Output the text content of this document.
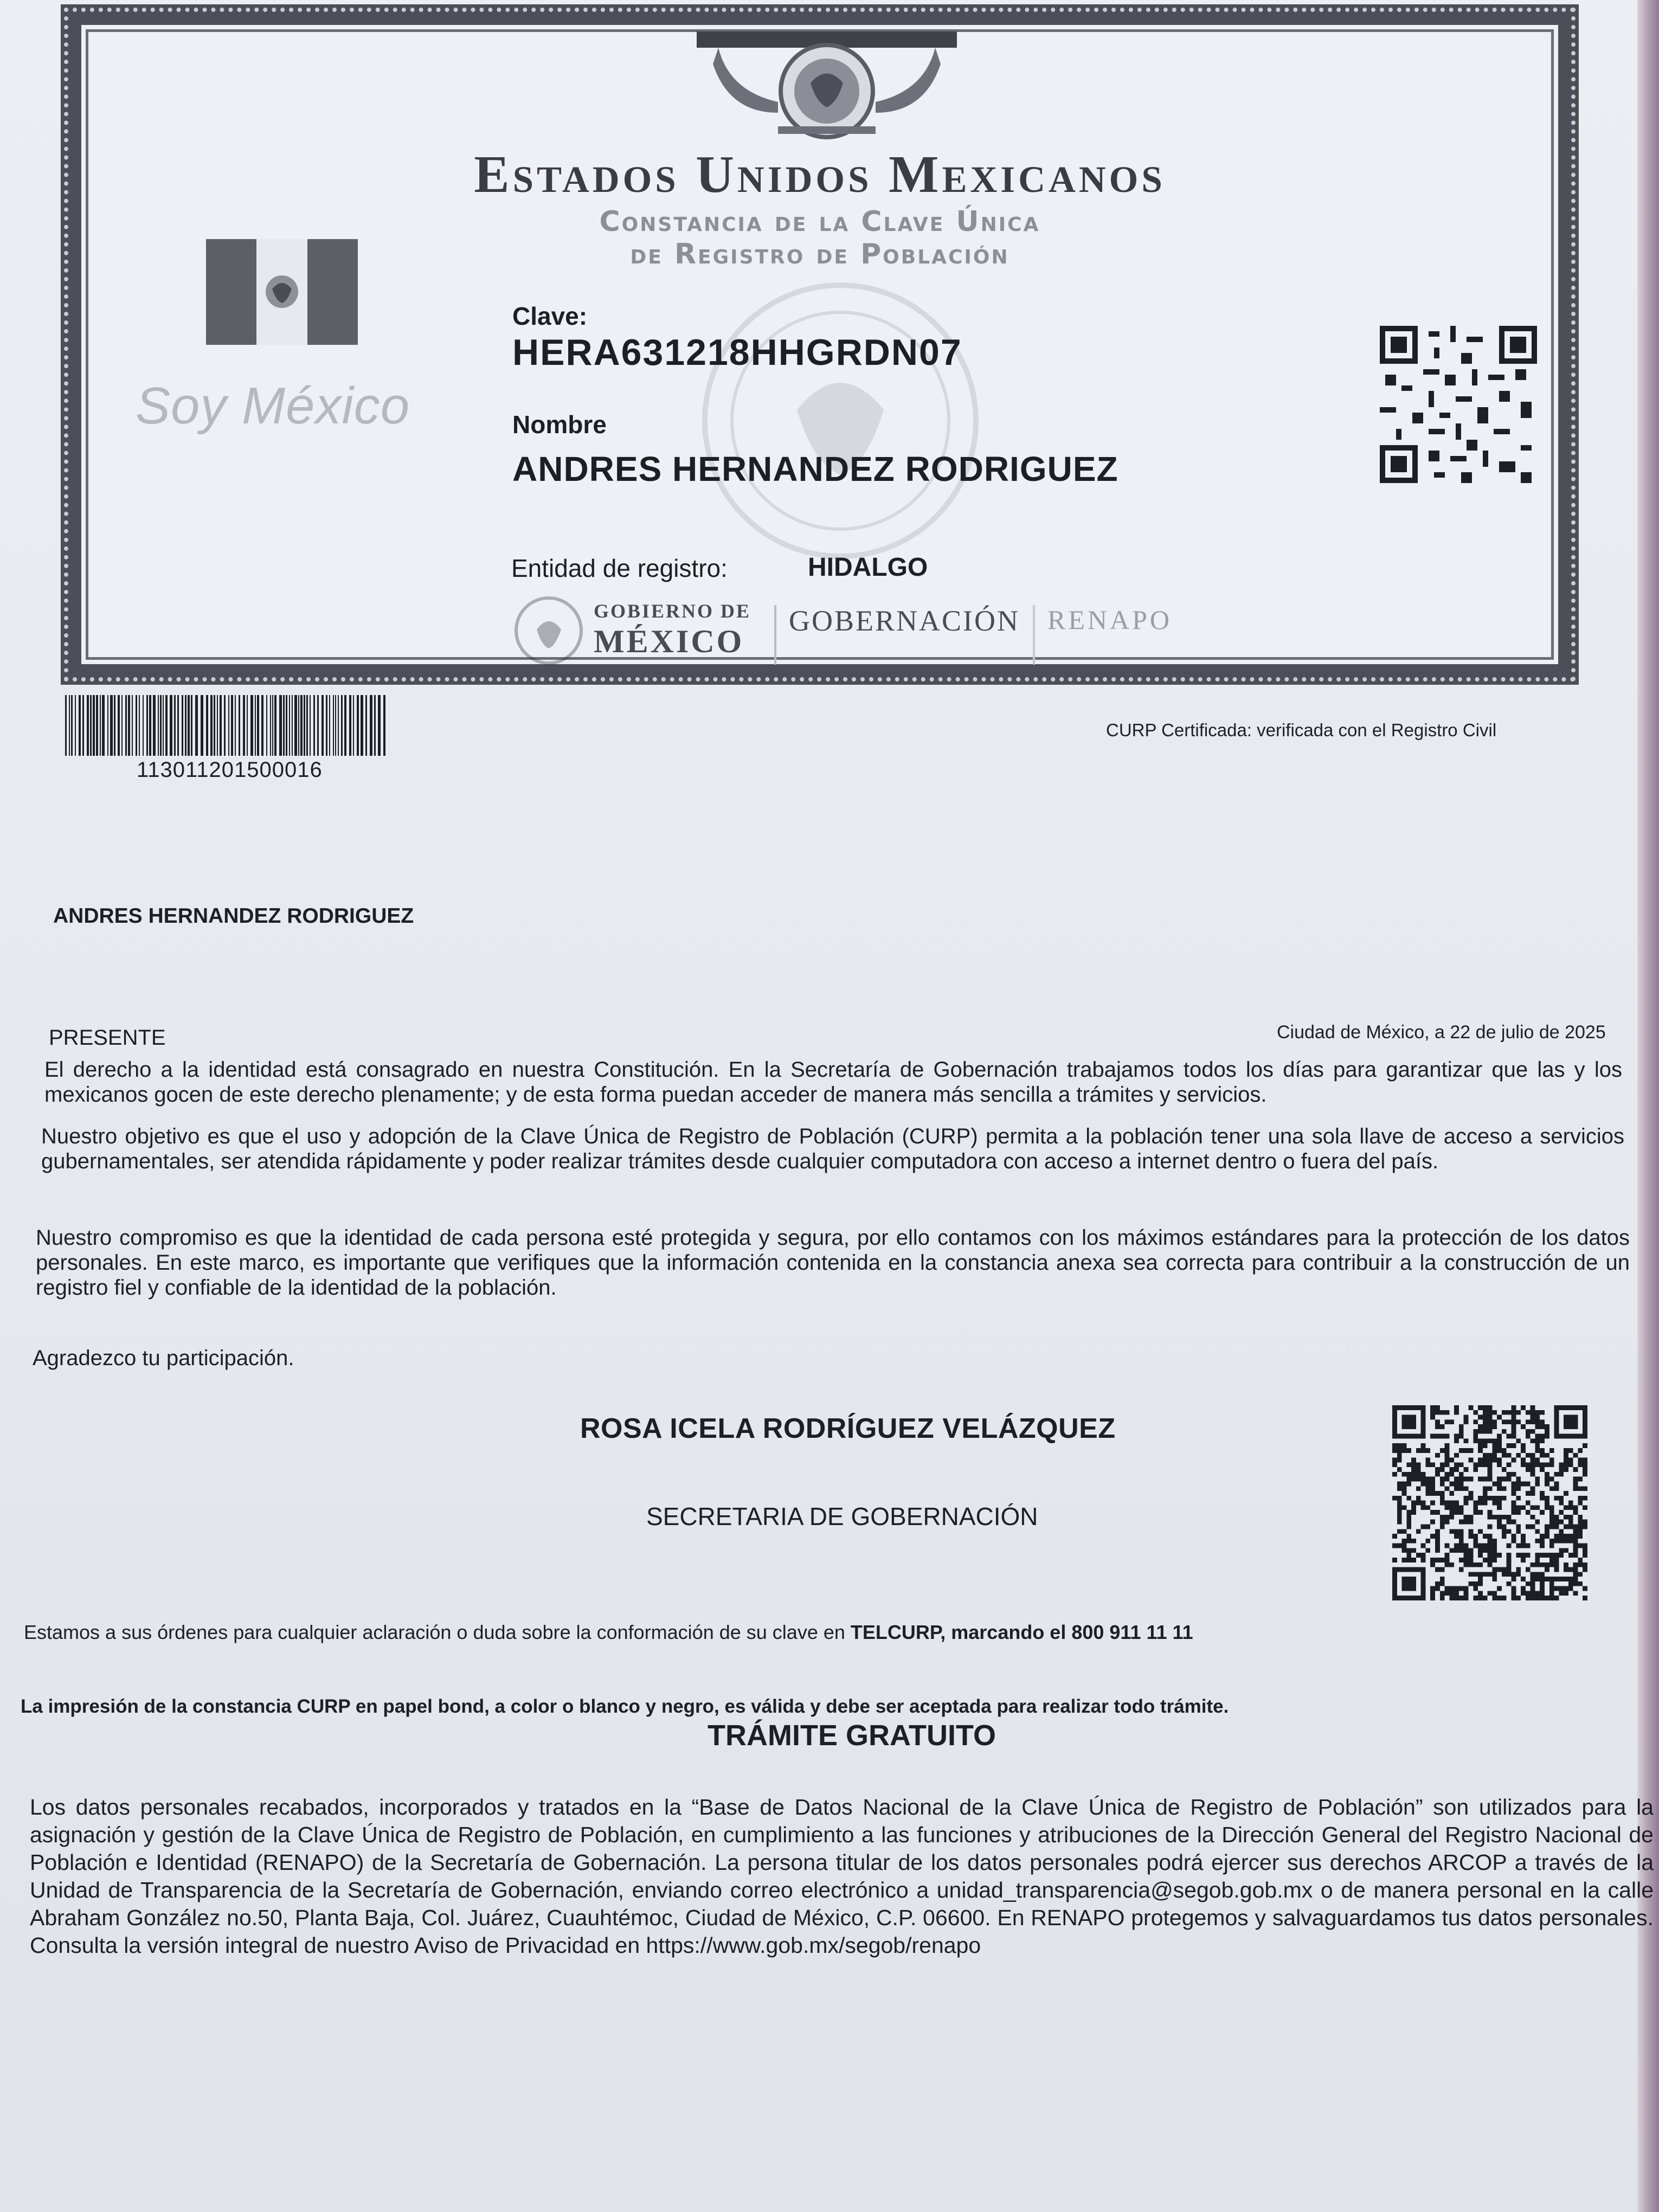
Estados Unidos Mexicanos
Constancia de la Clave Única
de Registro de Población
Soy México
Clave:
HERA631218HHGRDN07
Nombre
ANDRES HERNANDEZ RODRIGUEZ
Entidad de registro:	HIDALGO
GOBIERNO DE
MÉXICO
GOBERNACIÓN RENAPO
113011201500016
CURP Certificada: verificada con el Registro Civil
ANDRES HERNANDEZ RODRIGUEZ
PRESENTE	Ciudad de México, a 22 de julio de 2025
El derecho a la identidad está consagrado en nuestra Constitución. En la Secretaría de Gobernación trabajamos todos los días para garantizar que las y los mexicanos gocen de este derecho plenamente; y de esta forma puedan acceder de manera más sencilla a trámites y servicios.
Nuestro objetivo es que el uso y adopción de la Clave Única de Registro de Población (CURP) permita a la población tener una sola llave de acceso a servicios gubernamentales, ser atendida rápidamente y poder realizar trámites desde cualquier computadora con acceso a internet dentro o fuera del país.
Nuestro compromiso es que la identidad de cada persona esté protegida y segura, por ello contamos con los máximos estándares para la protección de los datos personales. En este marco, es importante que verifiques que la información contenida en la constancia anexa sea correcta para contribuir a la construcción de un registro fiel y confiable de la identidad de la población.
Agradezco tu participación.
ROSA ICELA RODRÍGUEZ VELÁZQUEZ
SECRETARIA DE GOBERNACIÓN
Estamos a sus órdenes para cualquier aclaración o duda sobre la conformación de su clave en TELCURP, marcando el 800 911 11 11
La impresión de la constancia CURP en papel bond, a color o blanco y negro, es válida y debe ser aceptada para realizar todo trámite.
TRÁMITE GRATUITO
Los datos personales recabados, incorporados y tratados en la “Base de Datos Nacional de la Clave Única de Registro de Población” son utilizados para la asignación y gestión de la Clave Única de Registro de Población, en cumplimiento a las funciones y atribuciones de la Dirección General del Registro Nacional de Población e Identidad (RENAPO) de la Secretaría de Gobernación. La persona titular de los datos personales podrá ejercer sus derechos ARCOP a través de la Unidad de Transparencia de la Secretaría de Gobernación, enviando correo electrónico a unidad_transparencia@segob.gob.mx o de manera personal en la calle Abraham González no.50, Planta Baja, Col. Juárez, Cuauhtémoc, Ciudad de México, C.P. 06600. En RENAPO protegemos y salvaguardamos tus datos personales. Consulta la versión integral de nuestro Aviso de Privacidad en https://www.gob.mx/segob/renapo
